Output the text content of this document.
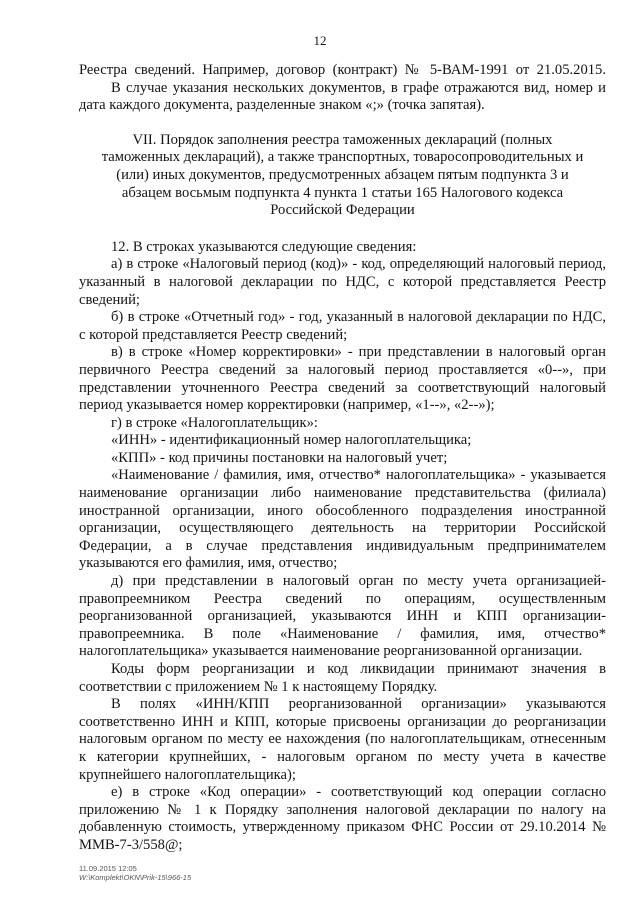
12

Реестра сведений. Например, договор (контракт) № 5-ВАМ-1991 от 21.05.2015.

В случае указания нескольких документов, в графе отражаются вид, номер и дата каждого документа, разделенные знаком «;» (точка запятая).

VII. Порядок заполнения реестра таможенных деклараций (полных таможенных деклараций), а также транспортных, товаросопроводительных и (или) иных документов, предусмотренных абзацем пятым подпункта 3 и абзацем восьмым подпункта 4 пункта 1 статьи 165 Налогового кодекса Российской Федерации

12. В строках указываются следующие сведения:

а) в строке «Налоговый период (код)» - код, определяющий налоговый период, указанный в налоговой декларации по НДС, с которой представляется Реестр сведений;

б) в строке «Отчетный год» - год, указанный в налоговой декларации по НДС, с которой представляется Реестр сведений;

в) в строке «Номер корректировки» - при представлении в налоговый орган первичного Реестра сведений за налоговый период проставляется «0--», при представлении уточненного Реестра сведений за соответствующий налоговый период указывается номер корректировки (например, «1--», «2--»);

г) в строке «Налогоплательщик»:

«ИНН» - идентификационный номер налогоплательщика;

«КПП» - код причины постановки на налоговый учет;

«Наименование / фамилия, имя, отчество* налогоплательщика» - указывается наименование организации либо наименование представительства (филиала) иностранной организации, иного обособленного подразделения иностранной организации, осуществляющего деятельность на территории Российской Федерации, а в случае представления индивидуальным предпринимателем указываются его фамилия, имя, отчество;

д) при представлении в налоговый орган по месту учета организацией-правопреемником Реестра сведений по операциям, осуществленным реорганизованной организацией, указываются ИНН и КПП организации-правопреемника. В поле «Наименование / фамилия, имя, отчество* налогоплательщика» указывается наименование реорганизованной организации.

Коды форм реорганизации и код ликвидации принимают значения в соответствии с приложением № 1 к настоящему Порядку.

В полях «ИНН/КПП реорганизованной организации» указываются соответственно ИНН и КПП, которые присвоены организации до реорганизации налоговым органом по месту ее нахождения (по налогоплательщикам, отнесенным к категории крупнейших, - налоговым органом по месту учета в качестве крупнейшего налогоплательщика);

е) в строке «Код операции» - соответствующий код операции согласно приложению № 1 к Порядку заполнения налоговой декларации по налогу на добавленную стоимость, утвержденному приказом ФНС России от 29.10.2014 № ММВ-7-3/558@;

11.09.2015 12:05
W:\Komplekt\OKN\Prik-15\966-15
